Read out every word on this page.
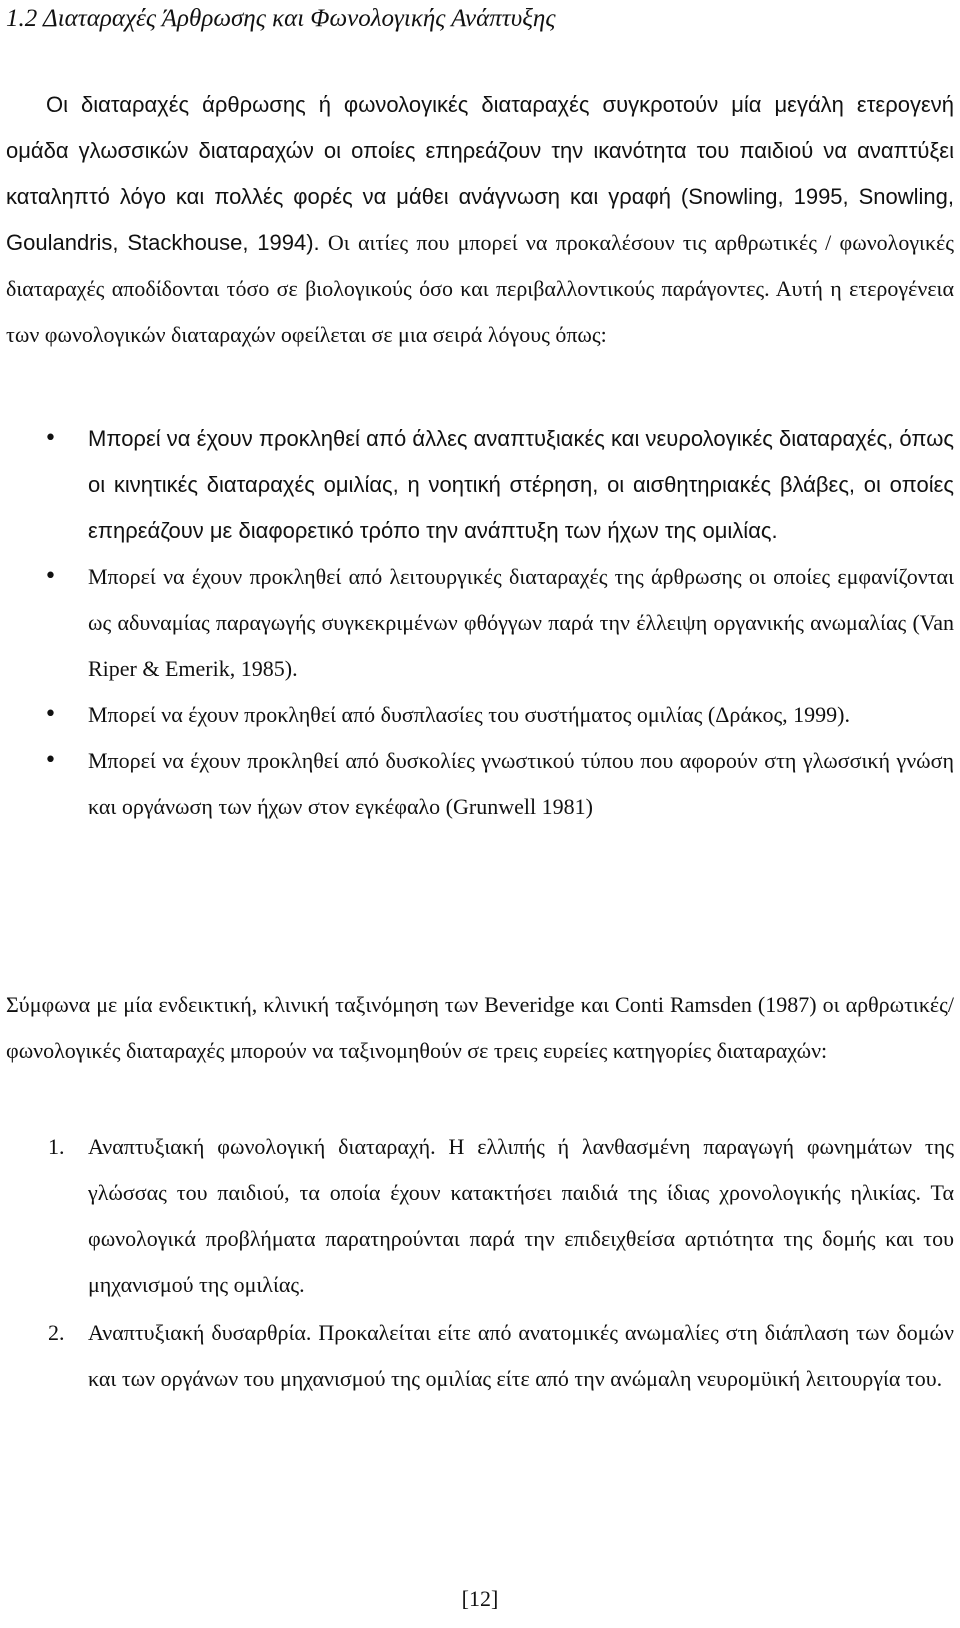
1.2 Διαταραχές Άρθρωσης και Φωνολογικής Ανάπτυξης

Οι διαταραχές άρθρωσης ή φωνολογικές διαταραχές συγκροτούν μία μεγάλη ετερογενή ομάδα γλωσσικών διαταραχών οι οποίες επηρεάζουν την ικανότητα του παιδιού να αναπτύξει καταληπτό λόγο και πολλές φορές να μάθει ανάγνωση και γραφή (Snowling, 1995, Snowling, Goulandris, Stackhouse, 1994). Οι αιτίες που μπορεί να προκαλέσουν τις αρθρωτικές / φωνολογικές διαταραχές αποδίδονται τόσο σε βιολογικούς όσο και περιβαλλοντικούς παράγοντες. Αυτή η ετερογένεια των φωνολογικών διαταραχών οφείλεται σε μια σειρά λόγους όπως:

• Μπορεί να έχουν προκληθεί από άλλες αναπτυξιακές και νευρολογικές διαταραχές, όπως οι κινητικές διαταραχές ομιλίας, η νοητική στέρηση, οι αισθητηριακές βλάβες, οι οποίες επηρεάζουν με διαφορετικό τρόπο την ανάπτυξη των ήχων της ομιλίας.
• Μπορεί να έχουν προκληθεί από λειτουργικές διαταραχές της άρθρωσης οι οποίες εμφανίζονται ως αδυναμίας παραγωγής συγκεκριμένων φθόγγων παρά την έλλειψη οργανικής ανωμαλίας (Van Riper & Emerik, 1985).
• Μπορεί να έχουν προκληθεί από δυσπλασίες του συστήματος ομιλίας (Δράκος, 1999).
• Μπορεί να έχουν προκληθεί από δυσκολίες γνωστικού τύπου που αφορούν στη γλωσσική γνώση και οργάνωση των ήχων στον εγκέφαλο (Grunwell 1981)

Σύμφωνα με μία ενδεικτική, κλινική ταξινόμηση των Beveridge και Conti Ramsden (1987) οι αρθρωτικές/φωνολογικές διαταραχές μπορούν να ταξινομηθούν σε τρεις ευρείες κατηγορίες διαταραχών:

1. Αναπτυξιακή φωνολογική διαταραχή. Η ελλιπής ή λανθασμένη παραγωγή φωνημάτων της γλώσσας του παιδιού, τα οποία έχουν κατακτήσει παιδιά της ίδιας χρονολογικής ηλικίας. Τα φωνολογικά προβλήματα παρατηρούνται παρά την επιδειχθείσα αρτιότητα της δομής και του μηχανισμού της ομιλίας.
2. Αναπτυξιακή δυσαρθρία. Προκαλείται είτε από ανατομικές ανωμαλίες στη διάπλαση των δομών και των οργάνων του μηχανισμού της ομιλίας είτε από την ανώμαλη νευρομϋική λειτουργία του.

[12]
